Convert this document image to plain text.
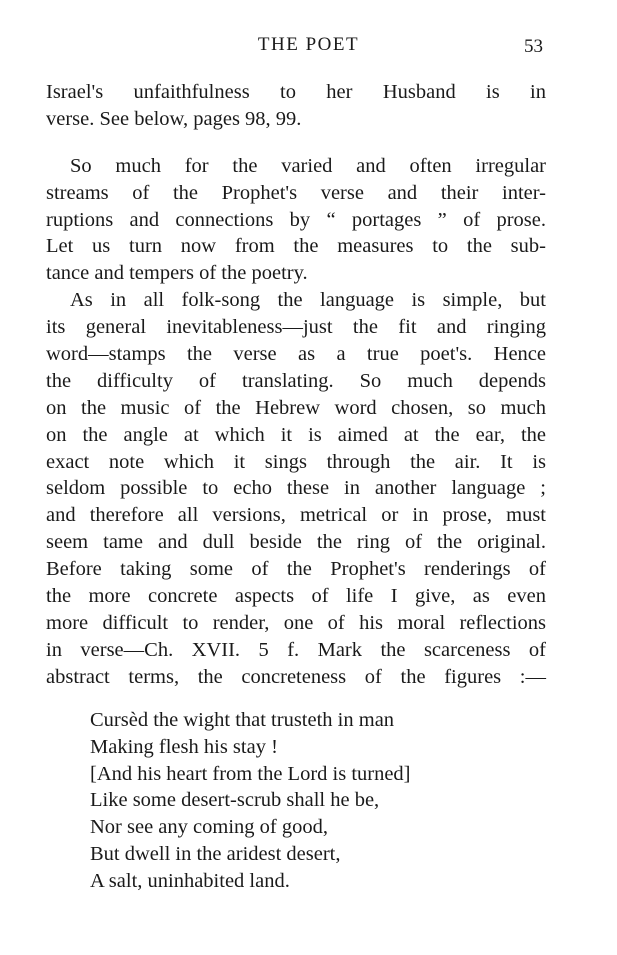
THE POET	53
Israel's unfaithfulness to her Husband is in
verse. See below, pages 98, 99.
So much for the varied and often irregular
streams of the Prophet's verse and their inter-
ruptions and connections by “ portages ” of prose.
Let us turn now from the measures to the sub-
tance and tempers of the poetry.
As in all folk-song the language is simple, but
its general inevitableness—just the fit and ringing
word—stamps the verse as a true poet's. Hence
the difficulty of translating. So much depends
on the music of the Hebrew word chosen, so much
on the angle at which it is aimed at the ear, the
exact note which it sings through the air. It is
seldom possible to echo these in another language ;
and therefore all versions, metrical or in prose, must
seem tame and dull beside the ring of the original.
Before taking some of the Prophet's renderings of
the more concrete aspects of life I give, as even
more difficult to render, one of his moral reflections
in verse—Ch. XVII. 5 f. Mark the scarceness of
abstract terms, the concreteness of the figures :—
Cursèd the wight that trusteth in man
Making flesh his stay !
[And his heart from the Lord is turned]
Like some desert-scrub shall he be,
Nor see any coming of good,
But dwell in the aridest desert,
A salt, uninhabited land.
